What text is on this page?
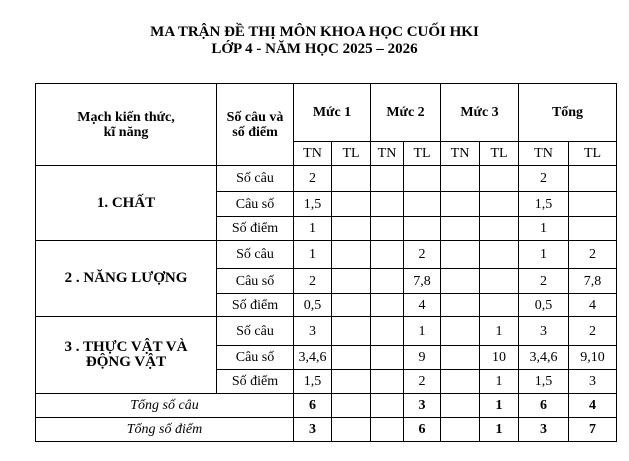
MA TRẬN ĐỀ THỊ MÔN KHOA HỌC CUỐI HKI
LỚP 4 - NĂM HỌC 2025 – 2026
Mạch kiến thức, kĩ năng	Số câu và số điểm	Mức 1		Mức 2		Mức 3		Tổng	
		TN	TL	TN	TL	TN	TL	TN	TL
1. CHẤT	Số câu	2						2	
	Câu số	1,5						1,5	
	Số điểm	1						1	
2 . NĂNG LƯỢNG	Số câu	1			2			1	2
	Câu số	2			7,8			2	7,8
	Số điểm	0,5			4			0,5	4
3 . THỰC VẬT VÀ ĐỘNG VẬT	Số câu	3			1		1	3	2
	Câu số	3,4,6			9		10	3,4,6	9,10
	Số điểm	1,5			2		1	1,5	3
Tổng số câu		6			3		1	6	4
Tổng số điểm		3			6		1	3	7
